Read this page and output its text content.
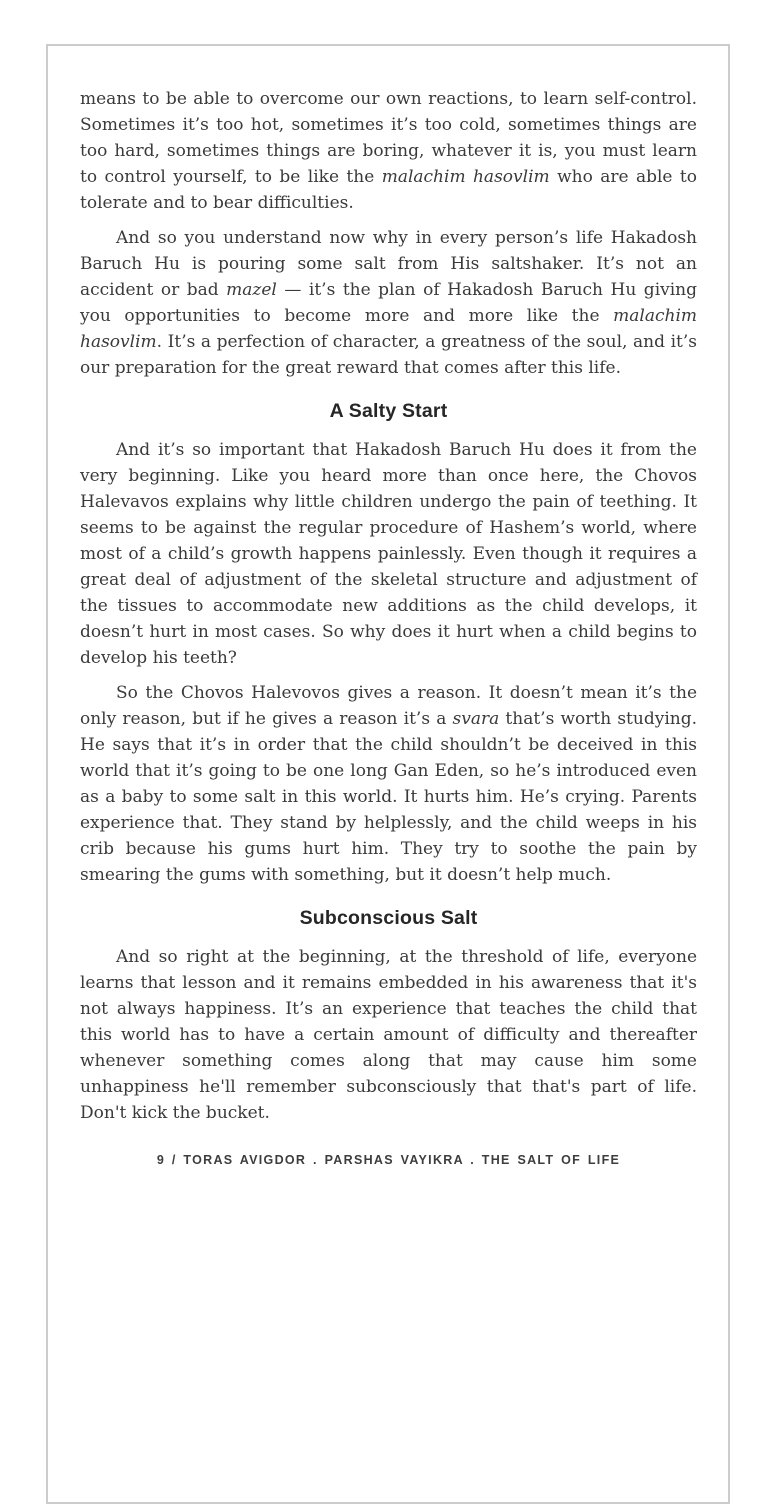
means to be able to overcome our own reactions, to learn self-control. Sometimes it’s too hot, sometimes it’s too cold, sometimes things are too hard, sometimes things are boring, whatever it is, you must learn to control yourself, to be like the malachim hasovlim who are able to tolerate and to bear difficulties.

And so you understand now why in every person’s life Hakadosh Baruch Hu is pouring some salt from His saltshaker. It’s not an accident or bad mazel — it’s the plan of Hakadosh Baruch Hu giving you opportunities to become more and more like the malachim hasovlim. It’s a perfection of character, a greatness of the soul, and it’s our preparation for the great reward that comes after this life.

A Salty Start

And it’s so important that Hakadosh Baruch Hu does it from the very beginning. Like you heard more than once here, the Chovos Halevavos explains why little children undergo the pain of teething. It seems to be against the regular procedure of Hashem’s world, where most of a child’s growth happens painlessly. Even though it requires a great deal of adjustment of the skeletal structure and adjustment of the tissues to accommodate new additions as the child develops, it doesn’t hurt in most cases. So why does it hurt when a child begins to develop his teeth?

So the Chovos Halevovos gives a reason. It doesn’t mean it’s the only reason, but if he gives a reason it’s a svara that’s worth studying. He says that it’s in order that the child shouldn’t be deceived in this world that it’s going to be one long Gan Eden, so he’s introduced even as a baby to some salt in this world. It hurts him. He’s crying. Parents experience that. They stand by helplessly, and the child weeps in his crib because his gums hurt him. They try to soothe the pain by smearing the gums with something, but it doesn’t help much.

Subconscious Salt

And so right at the beginning, at the threshold of life, everyone learns that lesson and it remains embedded in his awareness that it's not always happiness. It’s an experience that teaches the child that this world has to have a certain amount of difficulty and thereafter whenever something comes along that may cause him some unhappiness he'll remember subconsciously that that's part of life. Don't kick the bucket.

9 / TORAS AVIGDOR . PARSHAS VAYIKRA . THE SALT OF LIFE
